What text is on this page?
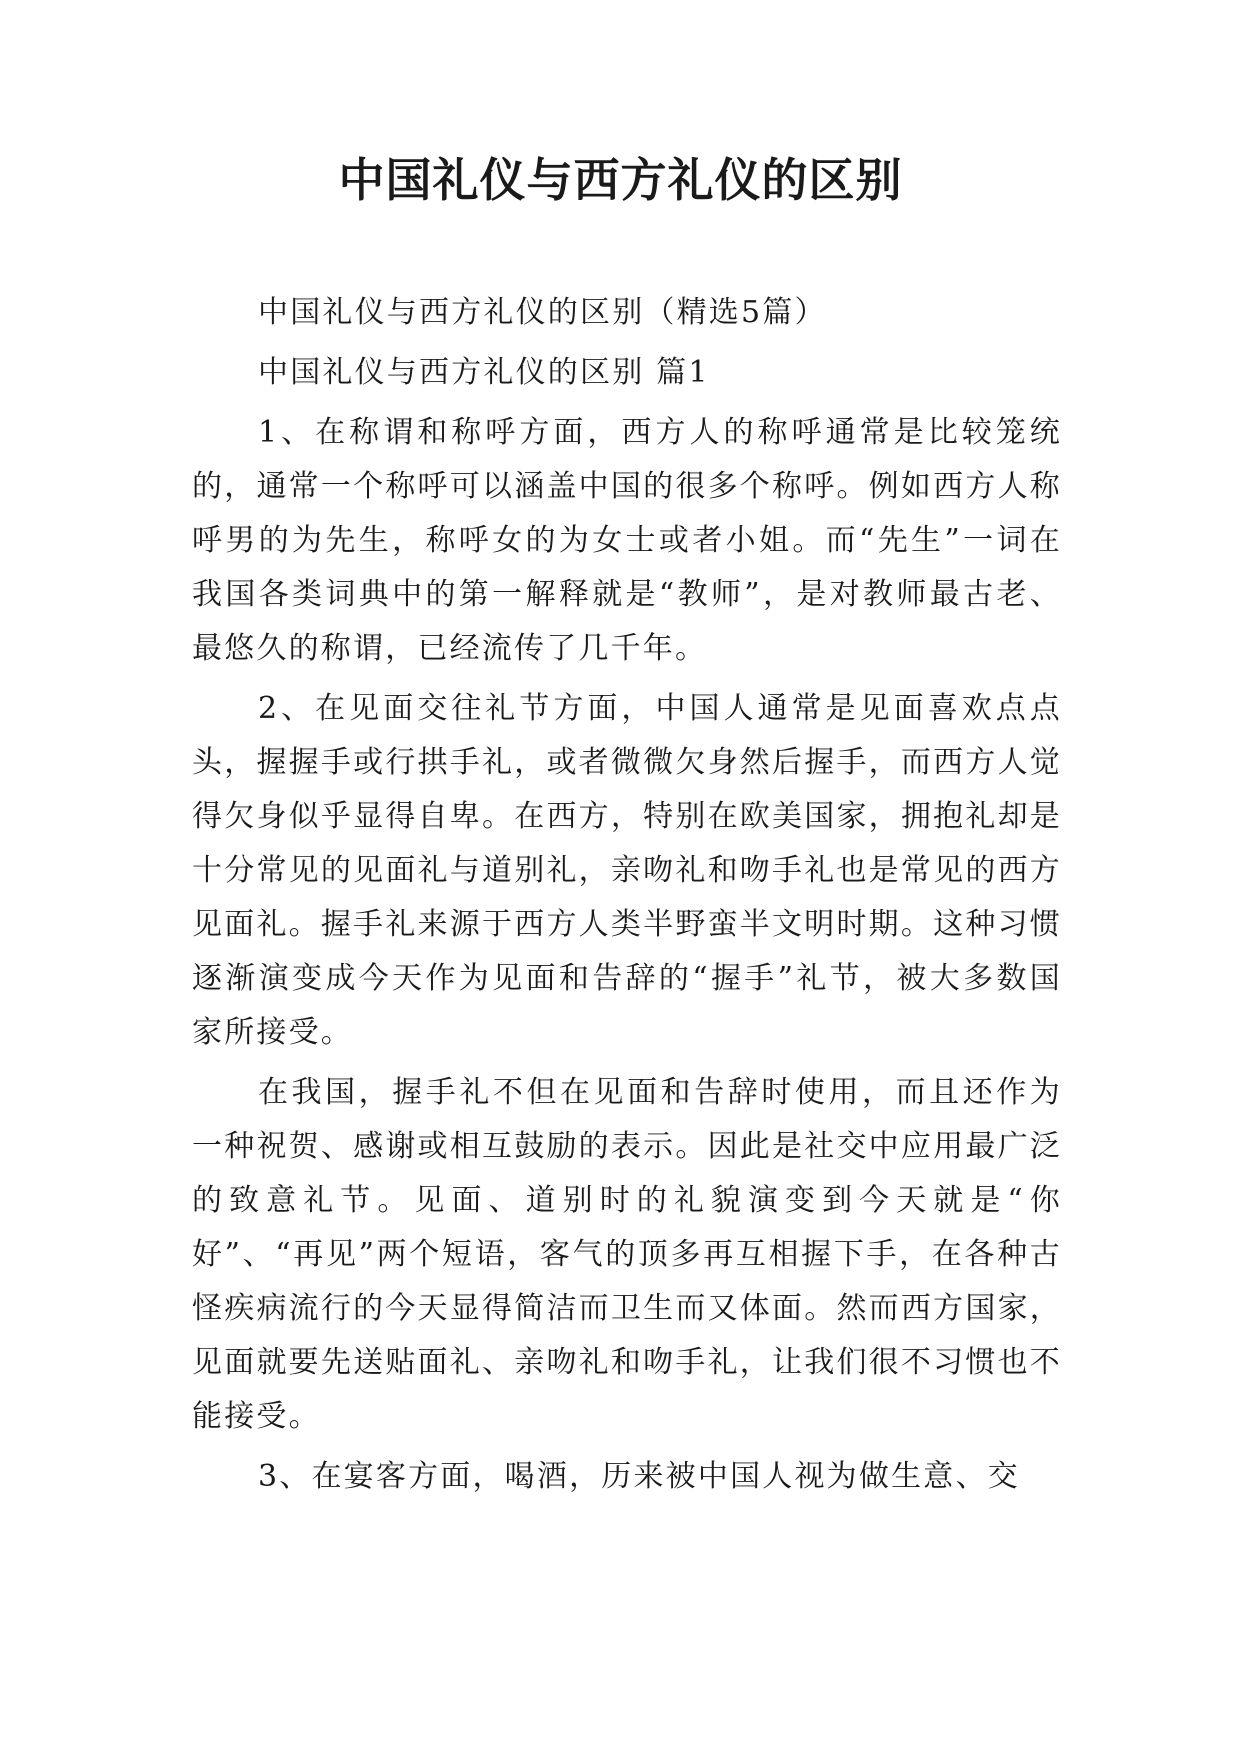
中国礼仪与西方礼仪的区别

中国礼仪与西方礼仪的区别（精选5篇）

中国礼仪与西方礼仪的区别 篇1

1、在称谓和称呼方面，西方人的称呼通常是比较笼统的，通常一个称呼可以涵盖中国的很多个称呼。例如西方人称呼男的为先生，称呼女的为女士或者小姐。而“先生”一词在我国各类词典中的第一解释就是“教师”，是对教师最古老、最悠久的称谓，已经流传了几千年。

2、在见面交往礼节方面，中国人通常是见面喜欢点点头，握握手或行拱手礼，或者微微欠身然后握手，而西方人觉得欠身似乎显得自卑。在西方，特别在欧美国家，拥抱礼却是十分常见的见面礼与道别礼，亲吻礼和吻手礼也是常见的西方见面礼。握手礼来源于西方人类半野蛮半文明时期。这种习惯逐渐演变成今天作为见面和告辞的“握手”礼节，被大多数国家所接受。

在我国，握手礼不但在见面和告辞时使用，而且还作为一种祝贺、感谢或相互鼓励的表示。因此是社交中应用最广泛的致意礼节。见面、道别时的礼貌演变到今天就是“你好”、“再见”两个短语，客气的顶多再互相握下手，在各种古怪疾病流行的今天显得简洁而卫生而又体面。然而西方国家，见面就要先送贴面礼、亲吻礼和吻手礼，让我们很不习惯也不能接受。

3、在宴客方面，喝酒，历来被中国人视为做生意、交
